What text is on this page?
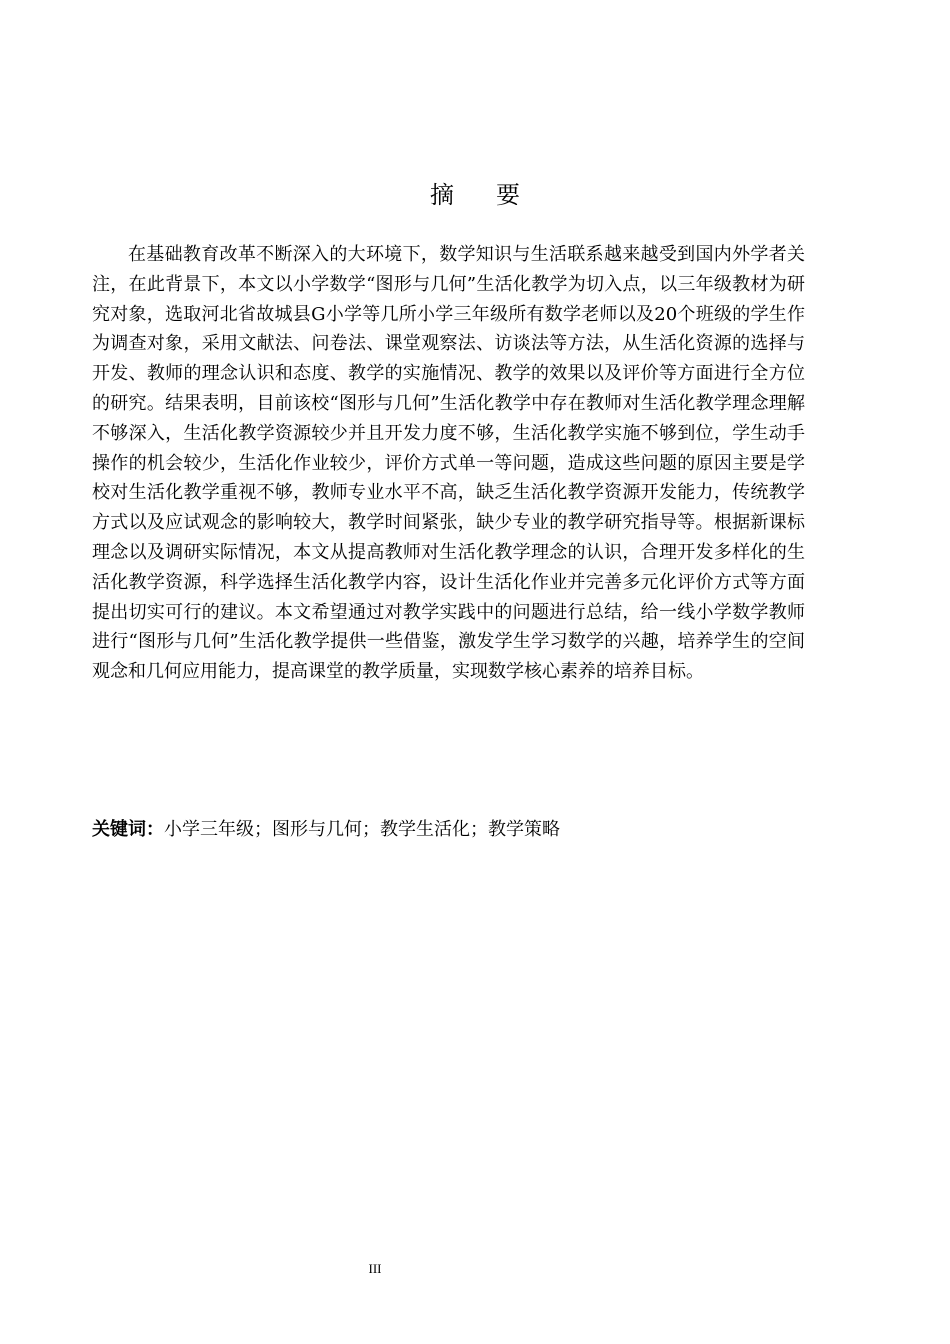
摘 要

在基础教育改革不断深入的大环境下，数学知识与生活联系越来越受到国内外学者关注，在此背景下，本文以小学数学“图形与几何”生活化教学为切入点，以三年级教材为研究对象，选取河北省故城县G小学等几所小学三年级所有数学老师以及20个班级的学生作为调查对象，采用文献法、问卷法、课堂观察法、访谈法等方法，从生活化资源的选择与开发、教师的理念认识和态度、教学的实施情况、教学的效果以及评价等方面进行全方位的研究。结果表明，目前该校“图形与几何”生活化教学中存在教师对生活化教学理念理解不够深入，生活化教学资源较少并且开发力度不够，生活化教学实施不够到位，学生动手操作的机会较少，生活化作业较少，评价方式单一等问题，造成这些问题的原因主要是学校对生活化教学重视不够，教师专业水平不高，缺乏生活化教学资源开发能力，传统教学方式以及应试观念的影响较大，教学时间紧张，缺少专业的教学研究指导等。根据新课标理念以及调研实际情况，本文从提高教师对生活化教学理念的认识，合理开发多样化的生活化教学资源，科学选择生活化教学内容，设计生活化作业并完善多元化评价方式等方面提出切实可行的建议。本文希望通过对教学实践中的问题进行总结，给一线小学数学教师进行“图形与几何”生活化教学提供一些借鉴，激发学生学习数学的兴趣，培养学生的空间观念和几何应用能力，提高课堂的教学质量，实现数学核心素养的培养目标。

关键词：小学三年级；图形与几何；教学生活化；教学策略
III
